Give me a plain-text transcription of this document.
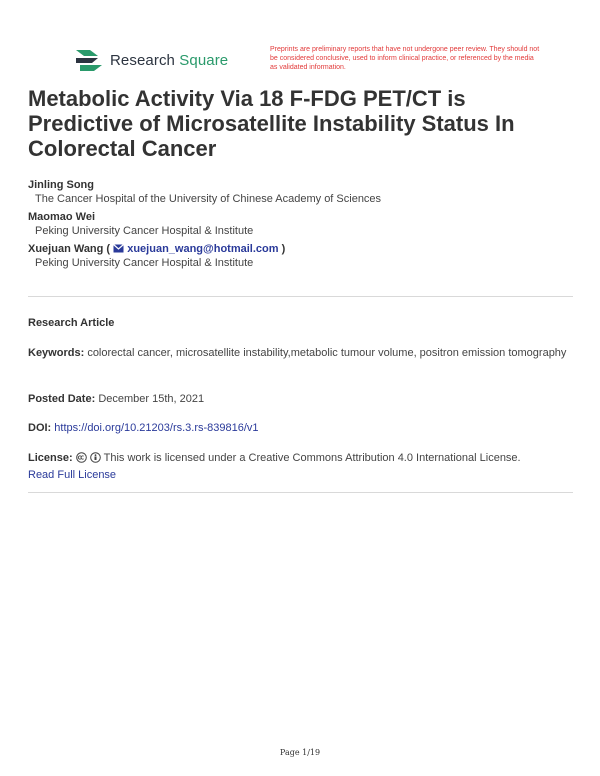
Research Square
Preprints are preliminary reports that have not undergone peer review. They should not be considered conclusive, used to inform clinical practice, or referenced by the media as validated information.
Metabolic Activity Via 18 F-FDG PET/CT is Predictive of Microsatellite Instability Status In Colorectal Cancer
Jinling Song
The Cancer Hospital of the University of Chinese Academy of Sciences
Maomao Wei
Peking University Cancer Hospital & Institute
Xuejuan Wang (  xuejuan_wang@hotmail.com )
Peking University Cancer Hospital & Institute
Research Article
Keywords: colorectal cancer, microsatellite instability,metabolic tumour volume, positron emission tomography
Posted Date: December 15th, 2021
DOI: https://doi.org/10.21203/rs.3.rs-839816/v1
License:	This work is licensed under a Creative Commons Attribution 4.0 International License.
Read Full License
Page 1/19
